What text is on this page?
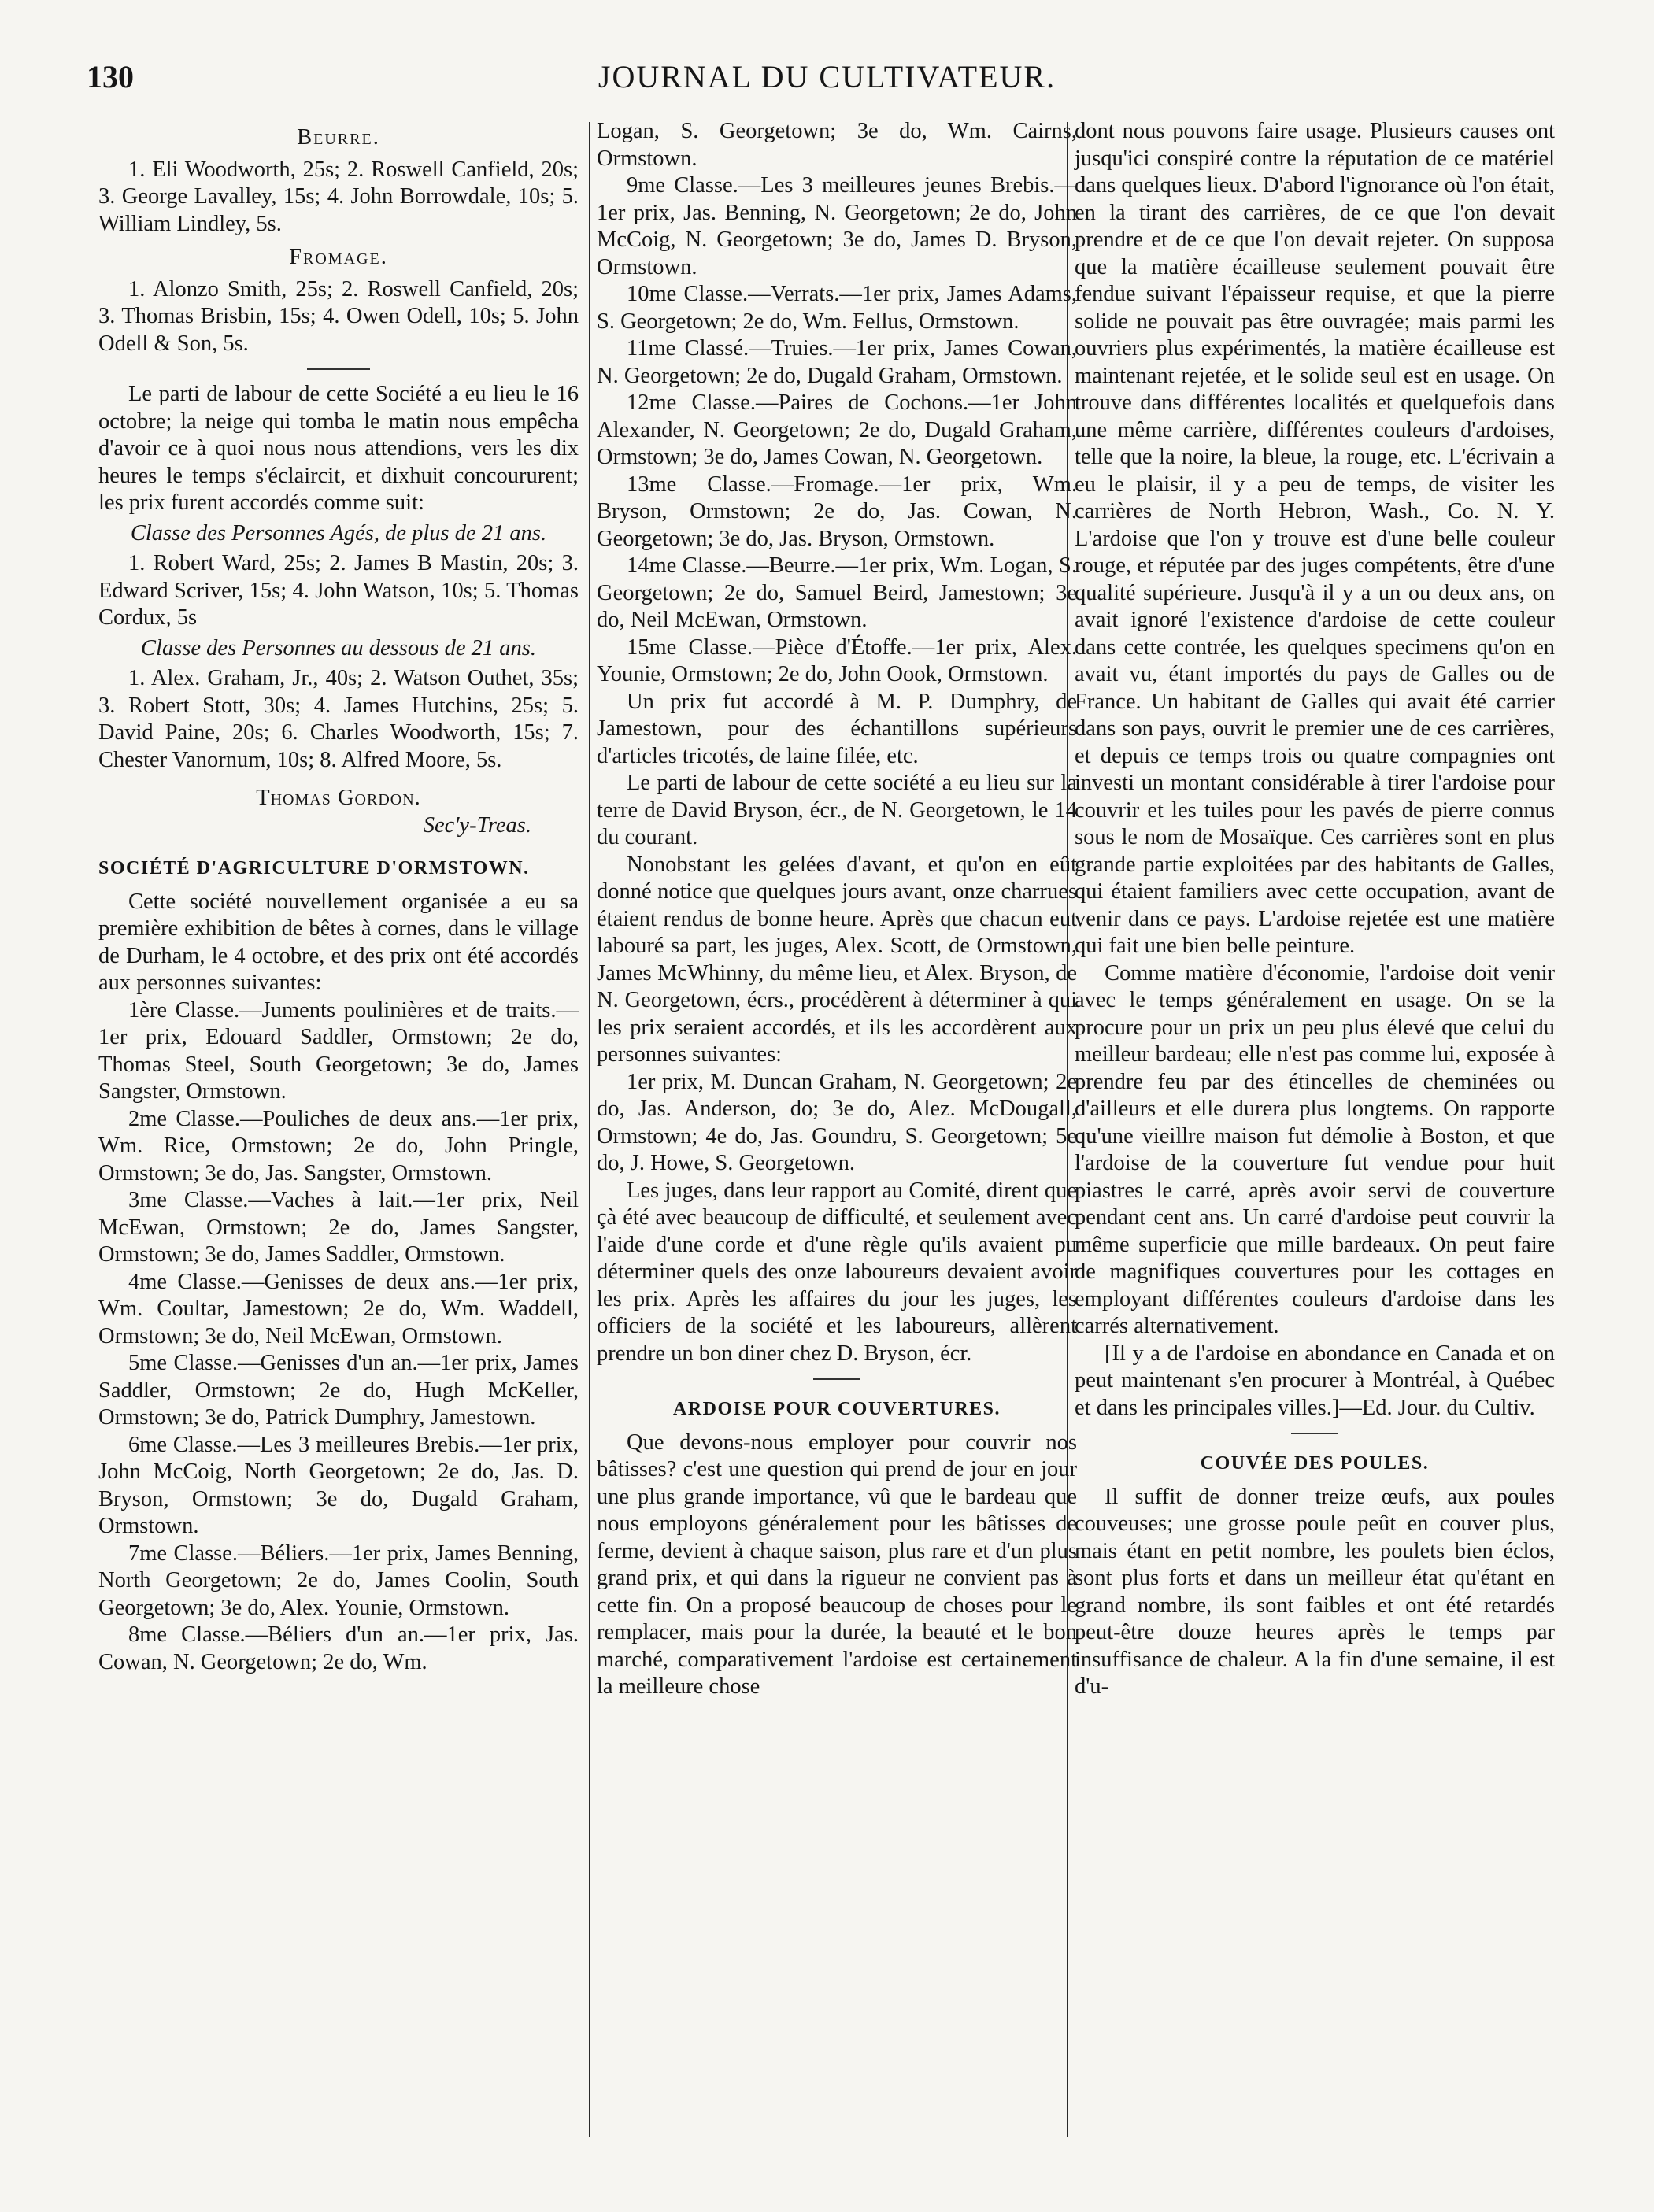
130	JOURNAL DU CULTIVATEUR.
Beurre.

1. Eli Woodworth, 25s; 2. Roswell Canfield, 20s; 3. George Lavalley, 15s; 4. John Borrowdale, 10s; 5. William Lindley, 5s.

Fromage.

1. Alonzo Smith, 25s; 2. Roswell Canfield, 20s; 3. Thomas Brisbin, 15s; 4. Owen Odell, 10s; 5. John Odell & Son, 5s.

Le parti de labour de cette Société a eu lieu le 16 octobre; la neige qui tomba le matin nous empêcha d'avoir ce à quoi nous nous attendions, vers les dix heures le temps s'éclaircit, et dixhuit concoururent; les prix furent accordés comme suit:

Classe des Personnes Agés, de plus de 21 ans.

1. Robert Ward, 25s; 2. James B Mastin, 20s; 3. Edward Scriver, 15s; 4. John Watson, 10s; 5. Thomas Cordux, 5s

Classe des Personnes au dessous de 21 ans.

1. Alex. Graham, Jr., 40s; 2. Watson Outhet, 35s; 3. Robert Stott, 30s; 4. James Hutchins, 25s; 5. David Paine, 20s; 6. Charles Woodworth, 15s; 7. Chester Vanornum, 10s; 8. Alfred Moore, 5s.

Thomas Gordon.
Sec'y-Treas.
SOCIÉTÉ D'AGRICULTURE D'ORMSTOWN.

Cette société nouvellement organisée a eu sa première exhibition de bêtes à cornes, dans le village de Durham, le 4 octobre, et des prix ont été accordés aux personnes suivantes:

1ère Classe.—Juments poulinières et de traits.—1er prix, Edouard Saddler, Ormstown; 2e do, Thomas Steel, South Georgetown; 3e do, James Sangster, Ormstown.

2me Classe.—Pouliches de deux ans.—1er prix, Wm. Rice, Ormstown; 2e do, John Pringle, Ormstown; 3e do, Jas. Sangster, Ormstown.

3me Classe.—Vaches à lait.—1er prix, Neil McEwan, Ormstown; 2e do, James Sangster, Ormstown; 3e do, James Saddler, Ormstown.

4me Classe.—Genisses de deux ans.—1er prix, Wm. Coultar, Jamestown; 2e do, Wm. Waddell, Ormstown; 3e do, Neil McEwan, Ormstown.

5me Classe.—Genisses d'un an.—1er prix, James Saddler, Ormstown; 2e do, Hugh McKeller, Ormstown; 3e do, Patrick Dumphry, Jamestown.

6me Classe.—Les 3 meilleures Brebis.—1er prix, John McCoig, North Georgetown; 2e do, Jas. D. Bryson, Ormstown; 3e do, Dugald Graham, Ormstown.

7me Classe.—Béliers.—1er prix, James Benning, North Georgetown; 2e do, James Coolin, South Georgetown; 3e do, Alex. Younie, Ormstown.

8me Classe.—Béliers d'un an.—1er prix, Jas. Cowan, N. Georgetown; 2e do, Wm.

Logan, S. Georgetown; 3e do, Wm. Cairns, Ormstown.

9me Classe.—Les 3 meilleures jeunes Brebis.—1er prix, Jas. Benning, N. Georgetown; 2e do, John McCoig, N. Georgetown; 3e do, James D. Bryson, Ormstown.

10me Classe.—Verrats.—1er prix, James Adams, S. Georgetown; 2e do, Wm. Fellus, Ormstown.

11me Classé.—Truies.—1er prix, James Cowan, N. Georgetown; 2e do, Dugald Graham, Ormstown.

12me Classe.—Paires de Cochons.—1er John Alexander, N. Georgetown; 2e do, Dugald Graham, Ormstown; 3e do, James Cowan, N. Georgetown.

13me Classe.—Fromage.—1er prix, Wm. Bryson, Ormstown; 2e do, Jas. Cowan, N. Georgetown; 3e do, Jas. Bryson, Ormstown.

14me Classe.—Beurre.—1er prix, Wm. Logan, S. Georgetown; 2e do, Samuel Beird, Jamestown; 3e do, Neil McEwan, Ormstown.

15me Classe.—Pièce d'Étoffe.—1er prix, Alex. Younie, Ormstown; 2e do, John Oook, Ormstown.

Un prix fut accordé à M. P. Dumphry, de Jamestown, pour des échantillons supérieurs d'articles tricotés, de laine filée, etc.

Le parti de labour de cette société a eu lieu sur la terre de David Bryson, écr., de N. Georgetown, le 14 du courant.

Nonobstant les gelées d'avant, et qu'on en eût donné notice que quelques jours avant, onze charrues étaient rendus de bonne heure. Après que chacun eut labouré sa part, les juges, Alex. Scott, de Ormstown, James McWhinny, du même lieu, et Alex. Bryson, de N. Georgetown, écrs., procédèrent à déterminer à qui les prix seraient accordés, et ils les accordèrent aux personnes suivantes:

1er prix, M. Duncan Graham, N. Georgetown; 2e do, Jas. Anderson, do; 3e do, Alez. McDougall, Ormstown; 4e do, Jas. Goundru, S. Georgetown; 5e do, J. Howe, S. Georgetown.

Les juges, dans leur rapport au Comité, dirent que çà été avec beaucoup de difficulté, et seulement avec l'aide d'une corde et d'une règle qu'ils avaient pu déterminer quels des onze laboureurs devaient avoir les prix. Après les affaires du jour les juges, les officiers de la société et les laboureurs, allèrent prendre un bon diner chez D. Bryson, écr.

ARDOISE POUR COUVERTURES.

Que devons-nous employer pour couvrir nos bâtisses? c'est une question qui prend de jour en jour une plus grande importance, vû que le bardeau que nous employons généralement pour les bâtisses de ferme, devient à chaque saison, plus rare et d'un plus grand prix, et qui dans la rigueur ne convient pas à cette fin. On a proposé beaucoup de choses pour le remplacer, mais pour la durée, la beauté et le bon marché, comparativement l'ardoise est certainement la meilleure chose

dont nous pouvons faire usage. Plusieurs causes ont jusqu'ici conspiré contre la réputation de ce matériel dans quelques lieux. D'abord l'ignorance où l'on était, en la tirant des carrières, de ce que l'on devait prendre et de ce que l'on devait rejeter. On supposa que la matière écailleuse seulement pouvait être fendue suivant l'épaisseur requise, et que la pierre solide ne pouvait pas être ouvragée; mais parmi les ouvriers plus expérimentés, la matière écailleuse est maintenant rejetée, et le solide seul est en usage. On trouve dans différentes localités et quelquefois dans une même carrière, différentes couleurs d'ardoises, telle que la noire, la bleue, la rouge, etc. L'écrivain a eu le plaisir, il y a peu de temps, de visiter les carrières de North Hebron, Wash., Co. N. Y. L'ardoise que l'on y trouve est d'une belle couleur rouge, et réputée par des juges compétents, être d'une qualité supérieure. Jusqu'à il y a un ou deux ans, on avait ignoré l'existence d'ardoise de cette couleur dans cette contrée, les quelques specimens qu'on en avait vu, étant importés du pays de Galles ou de France. Un habitant de Galles qui avait été carrier dans son pays, ouvrit le premier une de ces carrières, et depuis ce temps trois ou quatre compagnies ont investi un montant considérable à tirer l'ardoise pour couvrir et les tuiles pour les pavés de pierre connus sous le nom de Mosaïque. Ces carrières sont en plus grande partie exploitées par des habitants de Galles, qui étaient familiers avec cette occupation, avant de venir dans ce pays. L'ardoise rejetée est une matière qui fait une bien belle peinture.

Comme matière d'économie, l'ardoise doit venir avec le temps généralement en usage. On se la procure pour un prix un peu plus élevé que celui du meilleur bardeau; elle n'est pas comme lui, exposée à prendre feu par des étincelles de cheminées ou d'ailleurs et elle durera plus longtems. On rapporte qu'une vieillre maison fut démolie à Boston, et que l'ardoise de la couverture fut vendue pour huit piastres le carré, après avoir servi de couverture pendant cent ans. Un carré d'ardoise peut couvrir la même superficie que mille bardeaux. On peut faire de magnifiques couvertures pour les cottages en employant différentes couleurs d'ardoise dans les carrés alternativement.

[Il y a de l'ardoise en abondance en Canada et on peut maintenant s'en procurer à Montréal, à Québec et dans les principales villes.]—Ed. Jour. du Cultiv.

COUVÉE DES POULES.

Il suffit de donner treize œufs, aux poules couveuses; une grosse poule peût en couver plus, mais étant en petit nombre, les poulets bien éclos, sont plus forts et dans un meilleur état qu'étant en grand nombre, ils sont faibles et ont été retardés peut-être douze heures après le temps par insuffisance de chaleur. A la fin d'une semaine, il est d'u-
